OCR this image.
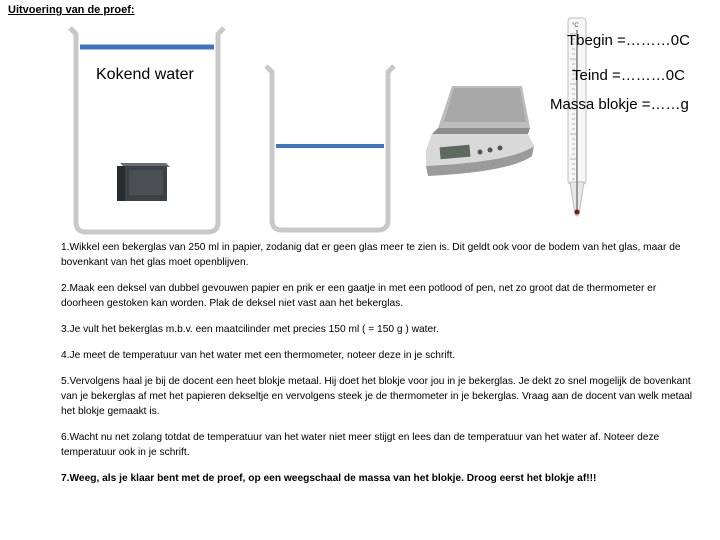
Uitvoering van de proef:
°C
Kokend water
Tbegin =………0C
Teind =………0C
Massa blokje =……g

1.Wikkel een bekerglas van 250 ml in papier, zodanig dat er geen glas meer te zien is. Dit geldt ook voor de bodem van het glas, maar de bovenkant van het glas moet openblijven.

2.Maak een deksel van dubbel gevouwen papier en prik er een gaatje in met een potlood of pen, net zo groot dat de thermometer er doorheen gestoken kan worden. Plak de deksel niet vast aan het bekerglas.

3.Je vult het bekerglas m.b.v. een maatcilinder met precies 150 ml ( = 150 g ) water.

4.Je meet de temperatuur van het water met een thermometer, noteer deze in je schrift.

5.Vervolgens haal je bij de docent een heet blokje metaal. Hij doet het blokje voor jou in je bekerglas. Je dekt zo snel mogelijk de bovenkant van je bekerglas af met het papieren dekseltje en vervolgens steek je de thermometer in je bekerglas. Vraag aan de docent van welk metaal het blokje gemaakt is.

6.Wacht nu net zolang totdat de temperatuur van het water niet meer stijgt en lees dan de temperatuur van het water af. Noteer deze temperatuur ook in je schrift.

7.Weeg, als je klaar bent met de proef, op een weegschaal de massa van het blokje. Droog eerst het blokje af!!!
